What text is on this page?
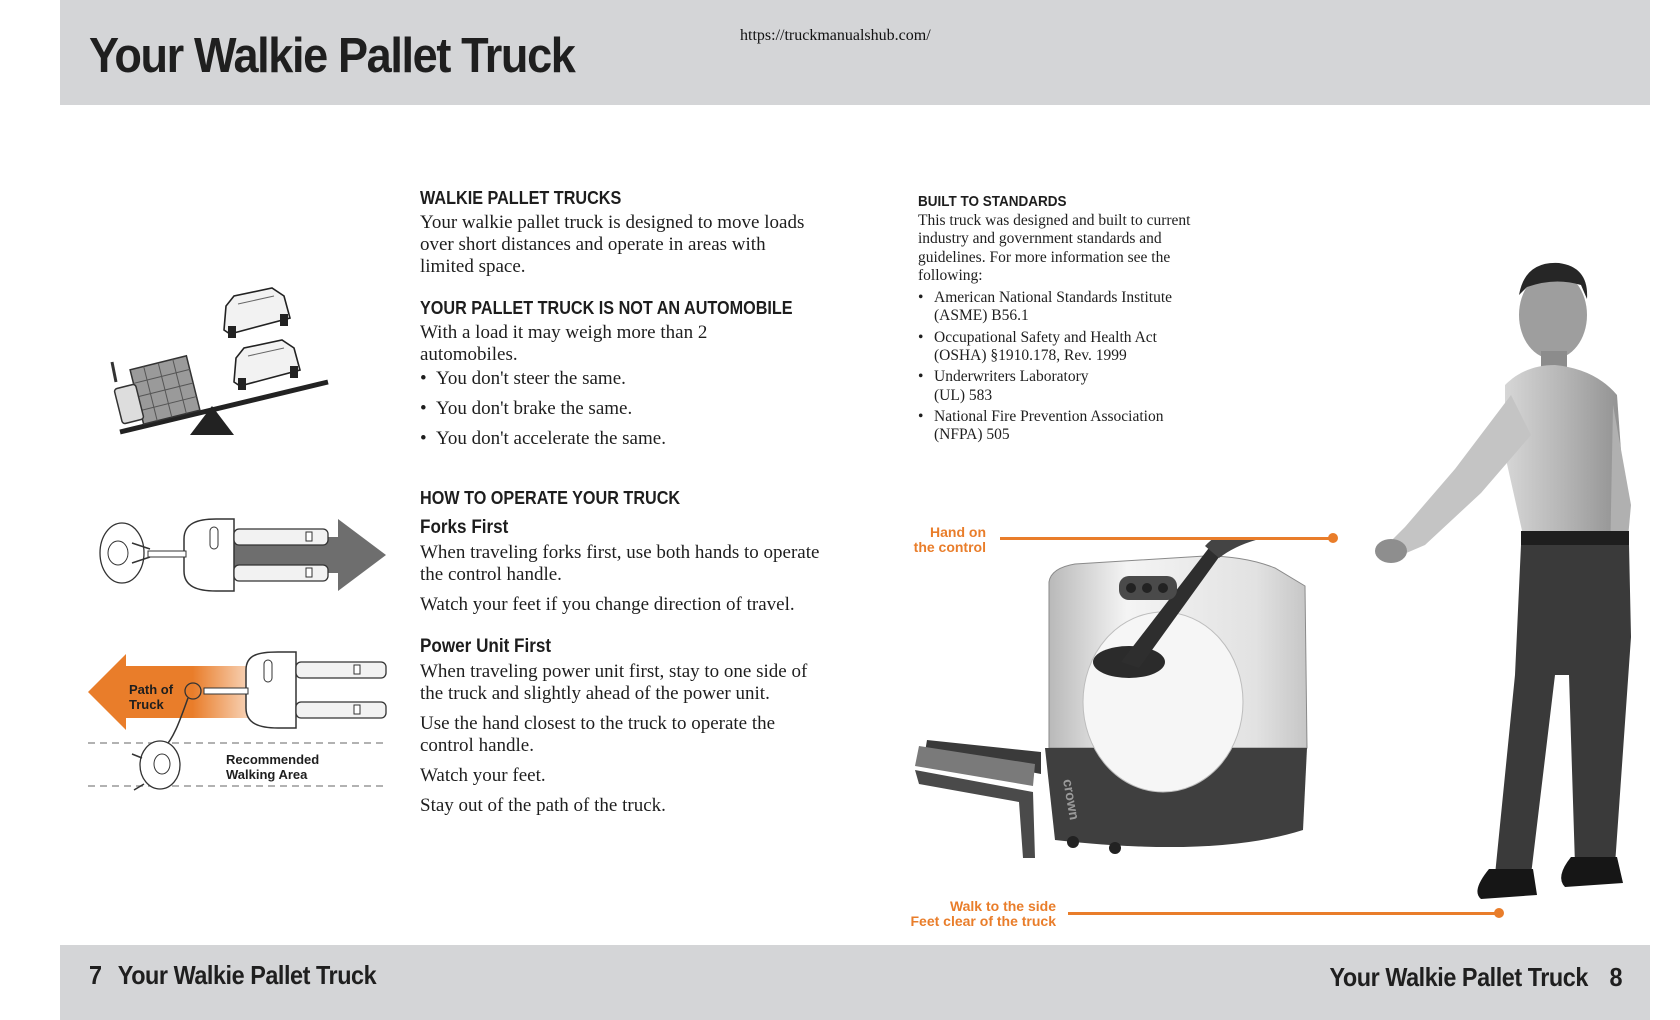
Your Walkie Pallet Truck	https://truckmanualshub.com/
Path of
Truck
Recommended
Walking Area
WALKIE PALLET TRUCKS

Your walkie pallet truck is designed to move loads over short distances and operate in areas with limited space.

YOUR PALLET TRUCK IS NOT AN AUTOMOBILE

With a load it may weigh more than 2 automobiles.

• You don't steer the same.
• You don't brake the same.
• You don't accelerate the same.
HOW TO OPERATE YOUR TRUCK
Forks First

When traveling forks first, use both hands to operate the control handle.

Watch your feet if you change direction of travel.

Power Unit First

When traveling power unit first, stay to one side of the truck and slightly ahead of the power unit.

Use the hand closest to the truck to operate the control handle.

Watch your feet.

Stay out of the path of the truck.

BUILT TO STANDARDS

This truck was designed and built to current industry and government standards and guidelines. For more information see the following:

• American National Standards Institute
(ASME) B56.1
• Occupational Safety and Health Act
(OSHA) §1910.178, Rev. 1999
• Underwriters Laboratory
(UL) 583
• National Fire Prevention Association
(NFPA) 505
crown
Hand on
the control
Walk to the side
Feet clear of the truck
7 Your Walkie Pallet Truck	Your Walkie Pallet Truck 8
